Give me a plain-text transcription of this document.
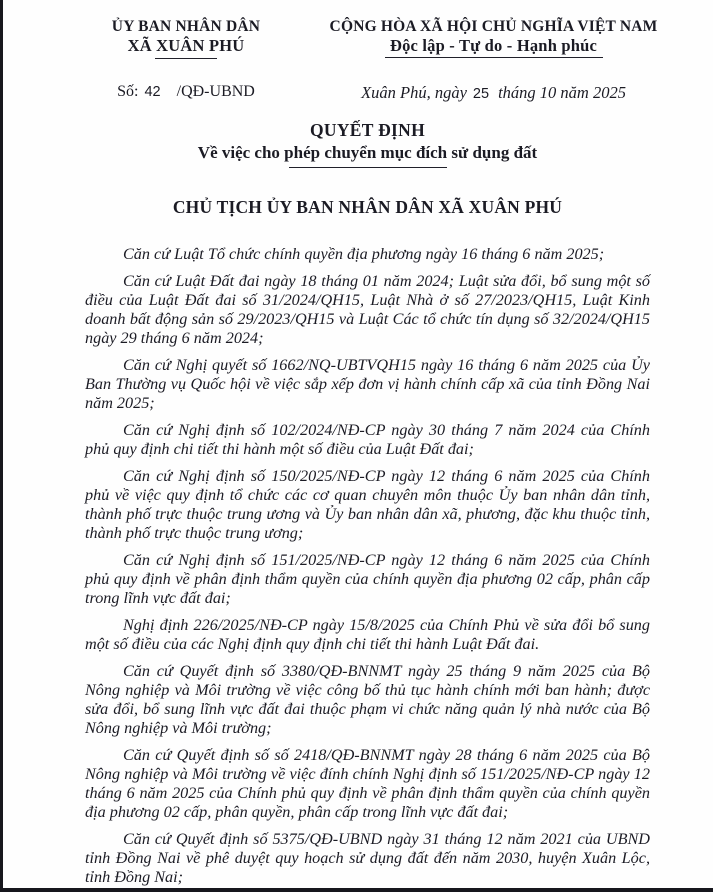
ỦY BAN NHÂN DÂN
XÃ XUÂN PHÚ
CỘNG HÒA XÃ HỘI CHỦ NGHĨA VIỆT NAM
Độc lập - Tự do - Hạnh phúc
Số: 42 /QĐ-UBND	Xuân Phú, ngày 25 tháng 10 năm 2025
QUYẾT ĐỊNH
Về việc cho phép chuyển mục đích sử dụng đất
CHỦ TỊCH ỦY BAN NHÂN DÂN XÃ XUÂN PHÚ

Căn cứ Luật Tổ chức chính quyền địa phương ngày 16 tháng 6 năm 2025;

Căn cứ Luật Đất đai ngày 18 tháng 01 năm 2024; Luật sửa đổi, bổ sung một số điều của Luật Đất đai số 31/2024/QH15, Luật Nhà ở số 27/2023/QH15, Luật Kinh doanh bất động sản số 29/2023/QH15 và Luật Các tổ chức tín dụng số 32/2024/QH15 ngày 29 tháng 6 năm 2024;

Căn cứ Nghị quyết số 1662/NQ-UBTVQH15 ngày 16 tháng 6 năm 2025 của Ủy Ban Thường vụ Quốc hội về việc sắp xếp đơn vị hành chính cấp xã của tỉnh Đồng Nai năm 2025;

Căn cứ Nghị định số 102/2024/NĐ-CP ngày 30 tháng 7 năm 2024 của Chính phủ quy định chi tiết thi hành một số điều của Luật Đất đai;

Căn cứ Nghị định số 150/2025/NĐ-CP ngày 12 tháng 6 năm 2025 của Chính phủ về việc quy định tổ chức các cơ quan chuyên môn thuộc Ủy ban nhân dân tỉnh, thành phố trực thuộc trung ương và Ủy ban nhân dân xã, phương, đặc khu thuộc tỉnh, thành phố trực thuộc trung ương;

Căn cứ Nghị định số 151/2025/NĐ-CP ngày 12 tháng 6 năm 2025 của Chính phủ quy định về phân định thẩm quyền của chính quyền địa phương 02 cấp, phân cấp trong lĩnh vực đất đai;

Nghị định 226/2025/NĐ-CP ngày 15/8/2025 của Chính Phủ về sửa đổi bổ sung một số điều của các Nghị định quy định chi tiết thi hành Luật Đất đai.

Căn cứ Quyết định số 3380/QĐ-BNNMT ngày 25 tháng 9 năm 2025 của Bộ Nông nghiệp và Môi trường về việc công bố thủ tục hành chính mới ban hành; được sửa đổi, bổ sung lĩnh vực đất đai thuộc phạm vi chức năng quản lý nhà nước của Bộ Nông nghiệp và Môi trường;

Căn cứ Quyết định số số 2418/QĐ-BNNMT ngày 28 tháng 6 năm 2025 của Bộ Nông nghiệp và Môi trường về việc đính chính Nghị định số 151/2025/NĐ-CP ngày 12 tháng 6 năm 2025 của Chính phủ quy định về phân định thẩm quyền của chính quyền địa phương 02 cấp, phân quyền, phân cấp trong lĩnh vực đất đai;

Căn cứ Quyết định số 5375/QĐ-UBND ngày 31 tháng 12 năm 2021 của UBND tỉnh Đồng Nai về phê duyệt quy hoạch sử dụng đất đến năm 2030, huyện Xuân Lộc, tỉnh Đồng Nai;
